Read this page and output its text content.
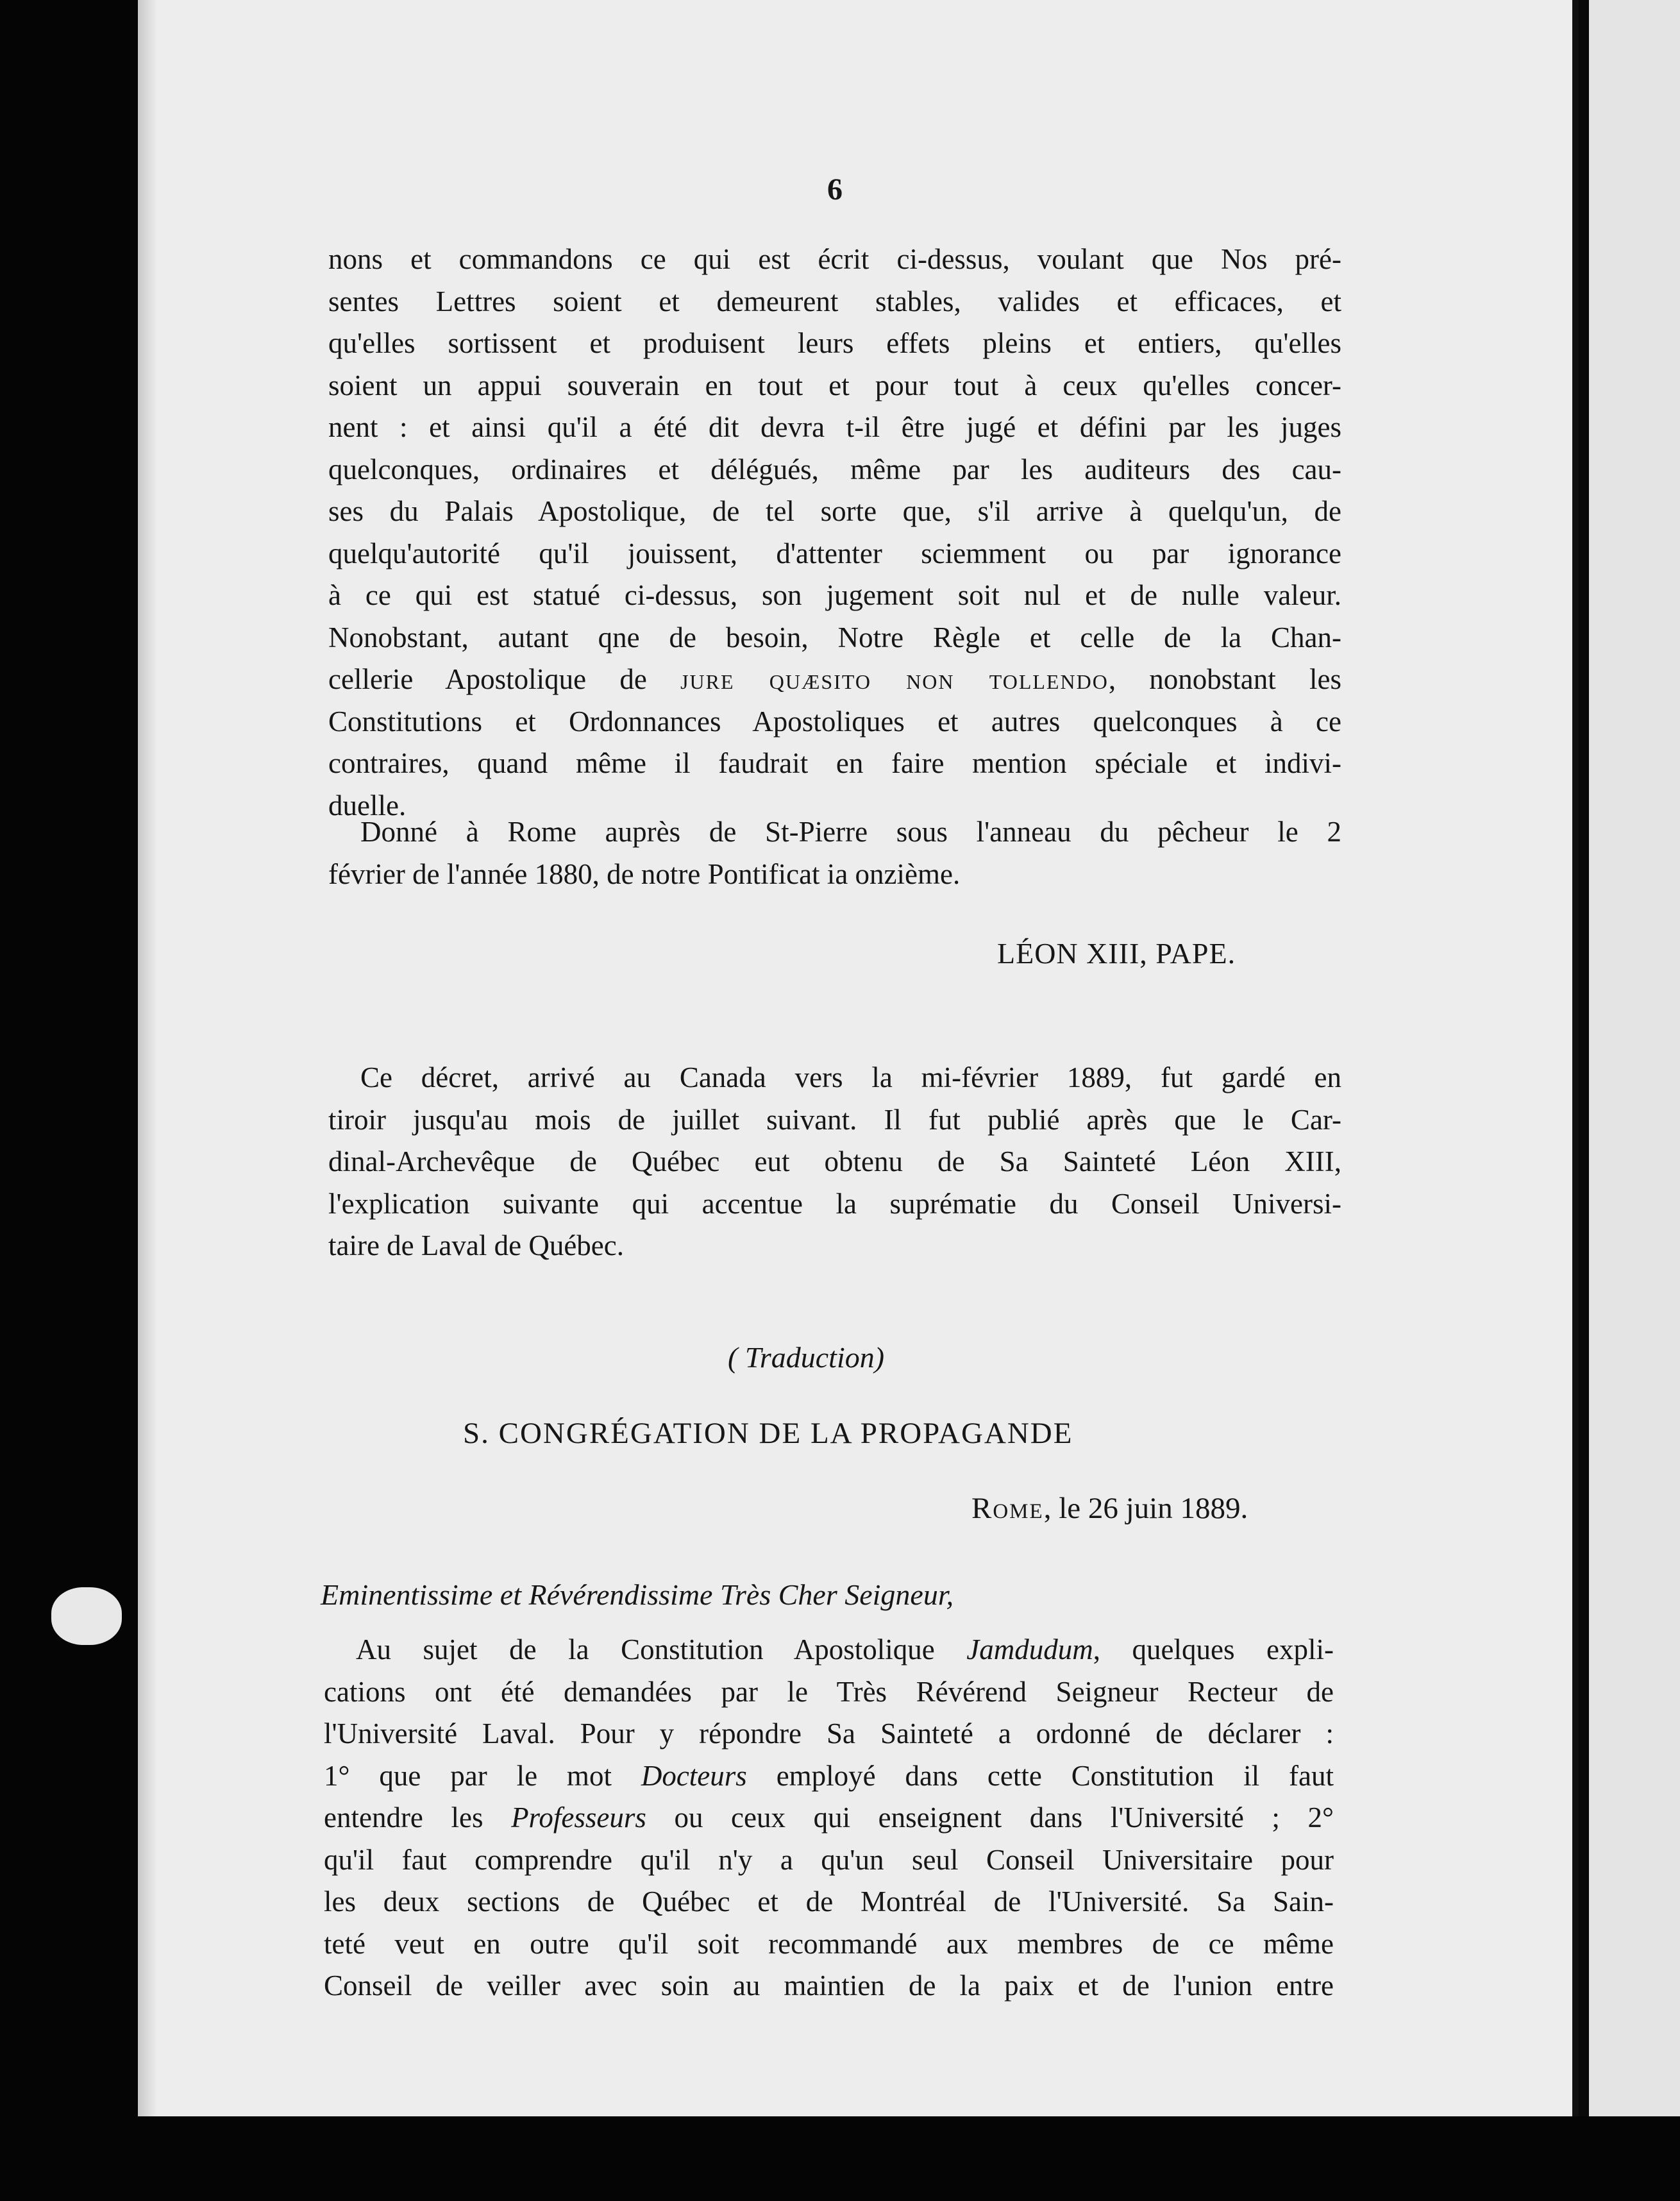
6
nons et commandons ce qui est écrit ci-dessus, voulant que Nos pré-
sentes Lettres soient et demeurent stables, valides et efficaces, et
qu'elles sortissent et produisent leurs effets pleins et entiers, qu'elles
soient un appui souverain en tout et pour tout à ceux qu'elles concer-
nent : et ainsi qu'il a été dit devra t-il être jugé et défini par les juges
quelconques, ordinaires et délégués, même par les auditeurs des cau-
ses du Palais Apostolique, de tel sorte que, s'il arrive à quelqu'un, de
quelqu'autorité qu'il jouissent, d'attenter sciemment ou par ignorance
à ce qui est statué ci-dessus, son jugement soit nul et de nulle valeur.
Nonobstant, autant qne de besoin, Notre Règle et celle de la Chan-
cellerie Apostolique de jure quæsito non tollendo, nonobstant les
Constitutions et Ordonnances Apostoliques et autres quelconques à ce
contraires, quand même il faudrait en faire mention spéciale et indivi-
duelle.
Donné à Rome auprès de St-Pierre sous l'anneau du pêcheur le 2
février de l'année 1880, de notre Pontificat ia onzième.
LÉON XIII, PAPE.
Ce décret, arrivé au Canada vers la mi-février 1889, fut gardé en
tiroir jusqu'au mois de juillet suivant. Il fut publié après que le Car-
dinal-Archevêque de Québec eut obtenu de Sa Sainteté Léon XIII,
l'explication suivante qui accentue la suprématie du Conseil Universi-
taire de Laval de Québec.
( Traduction)
S. CONGRÉGATION DE LA PROPAGANDE
Rome, le 26 juin 1889.
Eminentissime et Révérendissime Très Cher Seigneur,
Au sujet de la Constitution Apostolique Jamdudum, quelques expli-
cations ont été demandées par le Très Révérend Seigneur Recteur de
l'Université Laval. Pour y répondre Sa Sainteté a ordonné de déclarer :
1° que par le mot Docteurs employé dans cette Constitution il faut
entendre les Professeurs ou ceux qui enseignent dans l'Université ; 2°
qu'il faut comprendre qu'il n'y a qu'un seul Conseil Universitaire pour
les deux sections de Québec et de Montréal de l'Université. Sa Sain-
teté veut en outre qu'il soit recommandé aux membres de ce même
Conseil de veiller avec soin au maintien de la paix et de l'union entre
